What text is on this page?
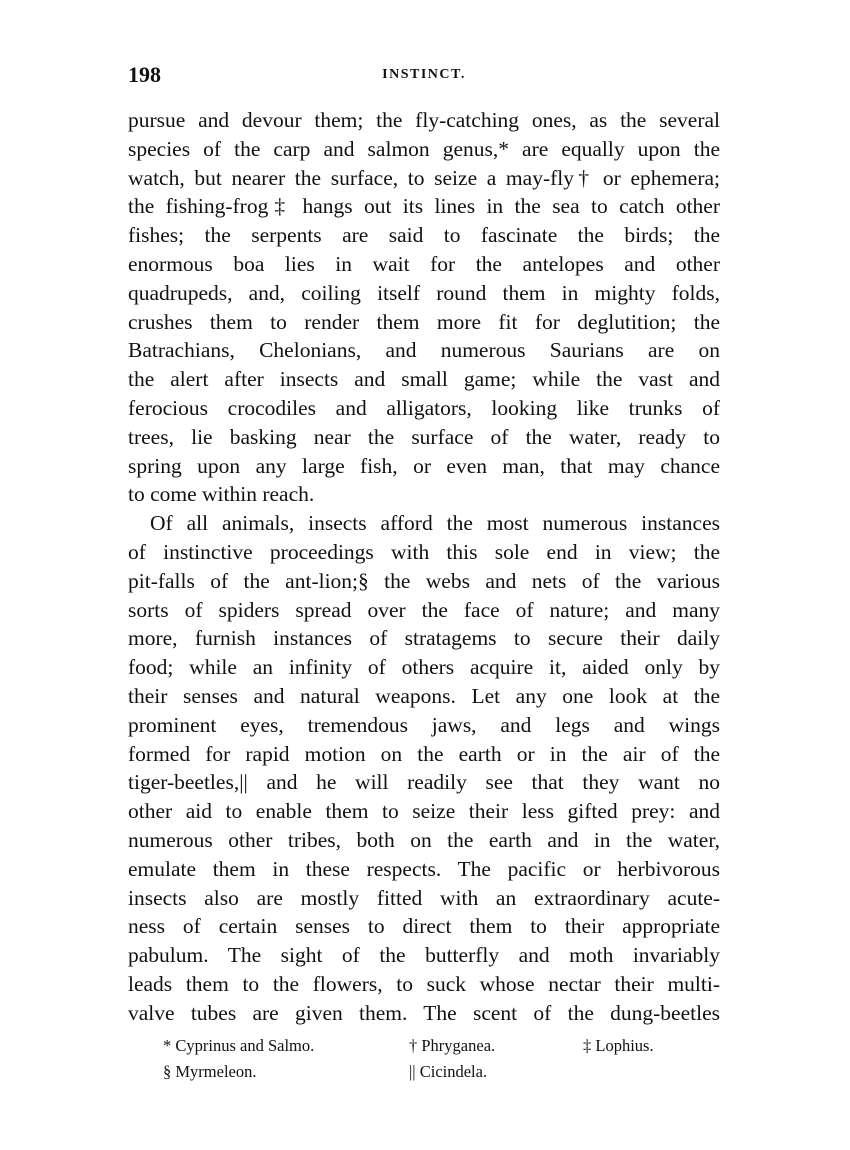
198	INSTINCT.
pursue and devour them; the fly-catching ones, as the several
species of the carp and salmon genus,* are equally upon the
watch, but nearer the surface, to seize a may-fly† or ephemera;
the fishing-frog‡ hangs out its lines in the sea to catch other
fishes; the serpents are said to fascinate the birds; the
enormous boa lies in wait for the antelopes and other
quadrupeds, and, coiling itself round them in mighty folds,
crushes them to render them more fit for deglutition; the
Batrachians, Chelonians, and numerous Saurians are on
the alert after insects and small game; while the vast and
ferocious crocodiles and alligators, looking like trunks of
trees, lie basking near the surface of the water, ready to
spring upon any large fish, or even man, that may chance
to come within reach.
Of all animals, insects afford the most numerous instances
of instinctive proceedings with this sole end in view; the
pit-falls of the ant-lion;§ the webs and nets of the various
sorts of spiders spread over the face of nature; and many
more, furnish instances of stratagems to secure their daily
food; while an infinity of others acquire it, aided only by
their senses and natural weapons. Let any one look at the
prominent eyes, tremendous jaws, and legs and wings
formed for rapid motion on the earth or in the air of the
tiger-beetles,|| and he will readily see that they want no
other aid to enable them to seize their less gifted prey: and
numerous other tribes, both on the earth and in the water,
emulate them in these respects. The pacific or herbivorous
insects also are mostly fitted with an extraordinary acute-
ness of certain senses to direct them to their appropriate
pabulum. The sight of the butterfly and moth invariably
leads them to the flowers, to suck whose nectar their multi-
valve tubes are given them. The scent of the dung-beetles
* Cyprinus and Salmo.	† Phryganea.	‡ Lophius.
§ Myrmeleon.	|| Cicindela.
